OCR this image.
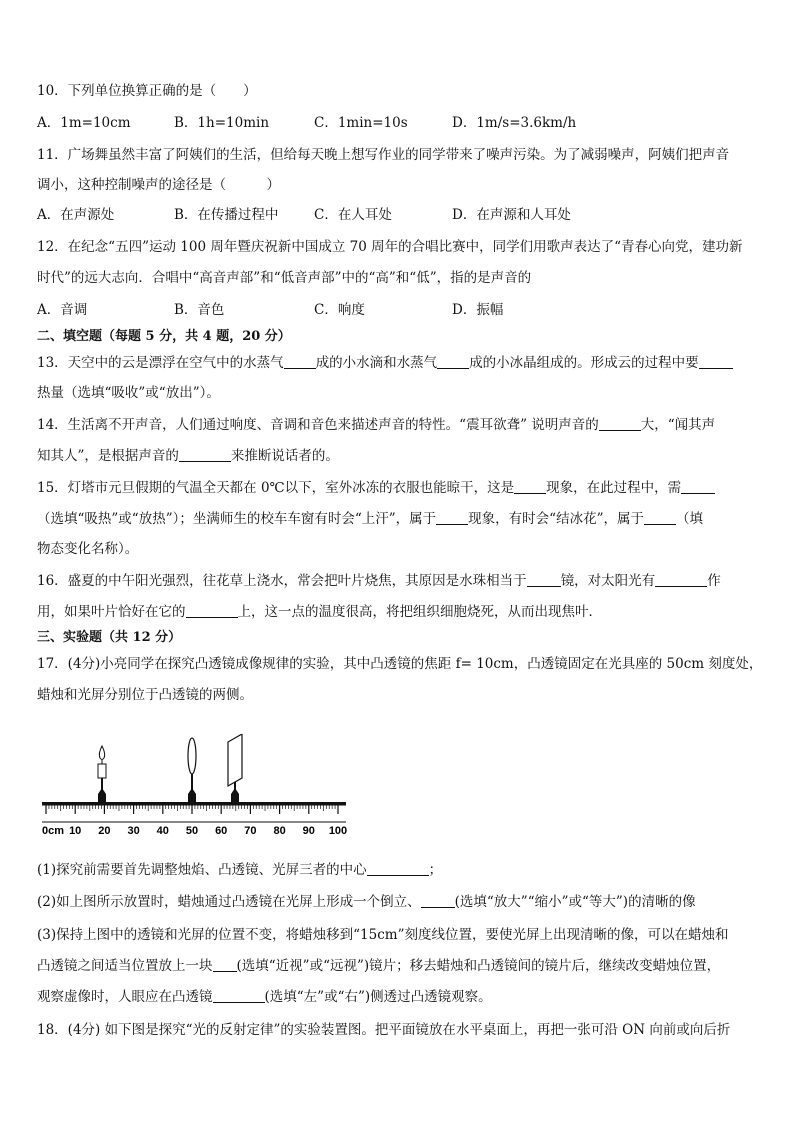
10．下列单位换算正确的是（　　）
A．1m=10cm	B．1h=10min	C．1min=10s	D．1m/s=3.6km/h
11．广场舞虽然丰富了阿姨们的生活，但给每天晚上想写作业的同学带来了噪声污染。为了减弱噪声，阿姨们把声音
调小，这种控制噪声的途径是（　　　）
A．在声源处	B．在传播过程中	C．在人耳处	D．在声源和人耳处
12．在纪念“五四”运动 100 周年暨庆祝新中国成立 70 周年的合唱比赛中，同学们用歌声表达了“青春心向党，建功新
时代”的远大志向．合唱中“高音声部”和“低音声部”中的“高”和“低”，指的是声音的
A．音调	B．音色	C．响度	D．振幅
二、填空题（每题 5 分，共 4 题，20 分）
13．天空中的云是漂浮在空气中的水蒸气 成的小水滴和水蒸气 成的小冰晶组成的。形成云的过程中要
热量（选填“吸收”或“放出”）。
14．生活离不开声音，人们通过响度、音调和音色来描述声音的特性。“震耳欲聋” 说明声音的	大，“闻其声
知其人”，是根据声音的	来推断说话者的。
15．灯塔市元旦假期的气温全天都在 0℃以下，室外冰冻的衣服也能晾干，这是 现象，在此过程中，需
（选填“吸热”或“放热”）；坐满师生的校车车窗有时会“上汗”，属于 现象，有时会“结冰花”，属于 （填
物态变化名称）。
16．盛夏的中午阳光强烈，往花草上浇水，常会把叶片烧焦，其原因是水珠相当于	镜，对太阳光有	作
用，如果叶片恰好在它的	上，这一点的温度很高，将把组织细胞烧死，从而出现焦叶．
三、实验题（共 12 分）
17．(4分)小亮同学在探究凸透镜成像规律的实验，其中凸透镜的焦距 f= 10cm，凸透镜固定在光具座的 50cm 刻度处，
蜡烛和光屏分别位于凸透镜的两侧。
0cm 10 20 30 40 50 60 70 80 90 100
(1)探究前需要首先调整烛焰、凸透镜、光屏三者的中心	；
(2)如上图所示放置时，蜡烛通过凸透镜在光屏上形成一个倒立、	(选填“放大”“缩小”或“等大”)的清晰的像
(3)保持上图中的透镜和光屏的位置不变，将蜡烛移到“15cm”刻度线位置，要使光屏上出现清晰的像，可以在蜡烛和
凸透镜之间适当位置放上一块 (选填“近视”或“远视”)镜片；移去蜡烛和凸透镜间的镜片后，继续改变蜡烛位置，
观察虚像时，人眼应在凸透镜	(选填“左”或“右”)侧透过凸透镜观察。
18．(4分) 如下图是探究“光的反射定律”的实验装置图。把平面镜放在水平桌面上，再把一张可沿 ON 向前或向后折
